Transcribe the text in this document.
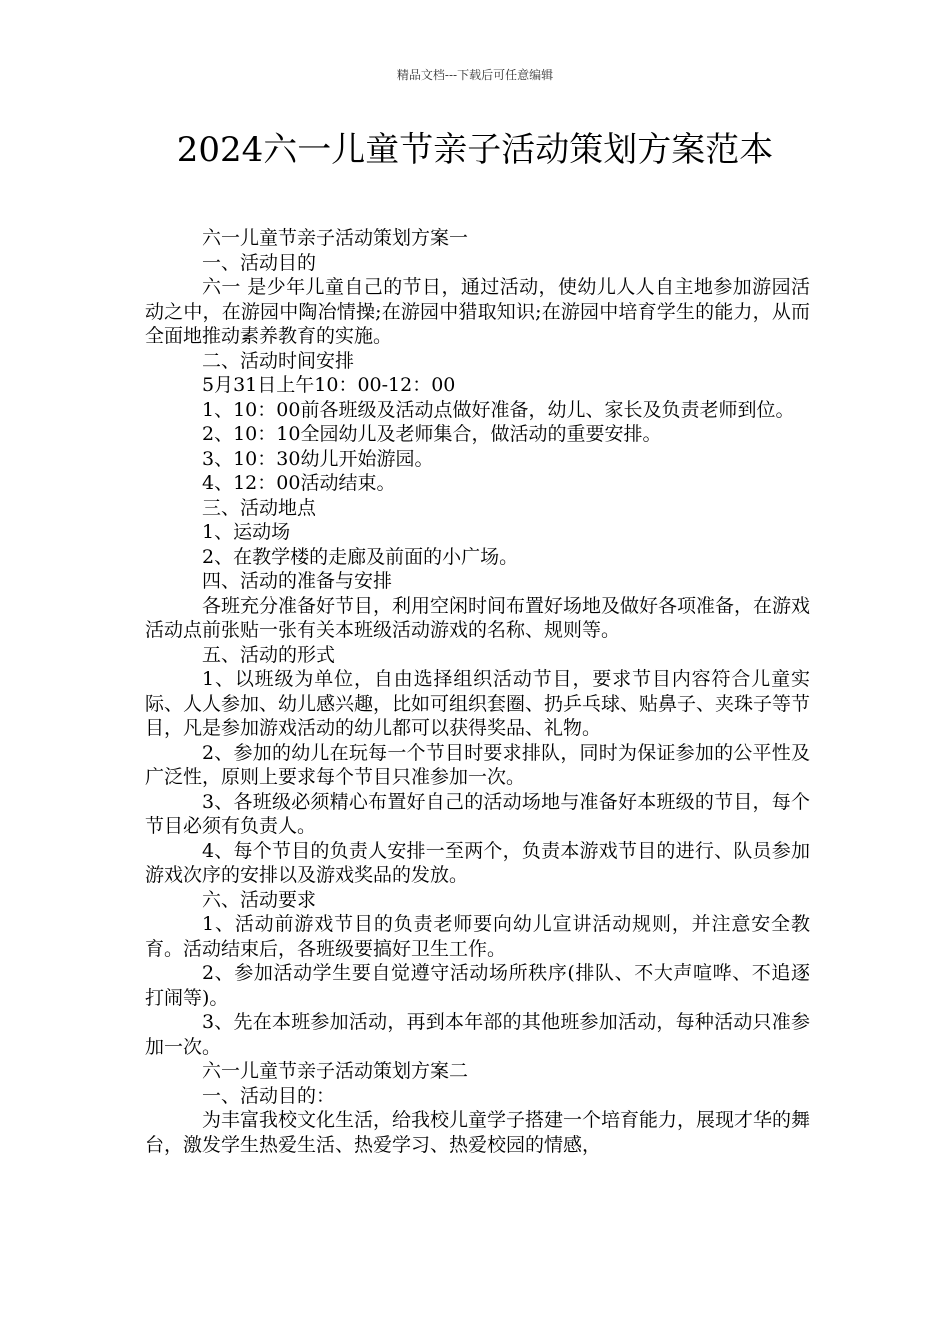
精品文档---下载后可任意编辑
2024六一儿童节亲子活动策划方案范本

六一儿童节亲子活动策划方案一

一、活动目的

六一 是少年儿童自己的节日，通过活动，使幼儿人人自主地参加游园活动之中，在游园中陶冶情操;在游园中猎取知识;在游园中培育学生的能力，从而全面地推动素养教育的实施。

二、活动时间安排

5月31日上午10：00-12：00

1、10：00前各班级及活动点做好准备，幼儿、家长及负责老师到位。

2、10：10全园幼儿及老师集合，做活动的重要安排。

3、10：30幼儿开始游园。

4、12：00活动结束。

三、活动地点

1、运动场

2、在教学楼的走廊及前面的小广场。

四、活动的准备与安排

各班充分准备好节目，利用空闲时间布置好场地及做好各项准备，在游戏活动点前张贴一张有关本班级活动游戏的名称、规则等。

五、活动的形式

1、以班级为单位，自由选择组织活动节目，要求节目内容符合儿童实际、人人参加、幼儿感兴趣，比如可组织套圈、扔乒乓球、贴鼻子、夹珠子等节目，凡是参加游戏活动的幼儿都可以获得奖品、礼物。

2、参加的幼儿在玩每一个节目时要求排队，同时为保证参加的公平性及广泛性，原则上要求每个节目只准参加一次。

3、各班级必须精心布置好自己的活动场地与准备好本班级的节目，每个节目必须有负责人。

4、每个节目的负责人安排一至两个，负责本游戏节目的进行、队员参加游戏次序的安排以及游戏奖品的发放。

六、活动要求

1、活动前游戏节目的负责老师要向幼儿宣讲活动规则，并注意安全教育。活动结束后，各班级要搞好卫生工作。

2、参加活动学生要自觉遵守活动场所秩序(排队、不大声喧哗、不追逐打闹等)。

3、先在本班参加活动，再到本年部的其他班参加活动，每种活动只准参加一次。

六一儿童节亲子活动策划方案二

一、活动目的：

为丰富我校文化生活，给我校儿童学子搭建一个培育能力，展现才华的舞台，激发学生热爱生活、热爱学习、热爱校园的情感，
